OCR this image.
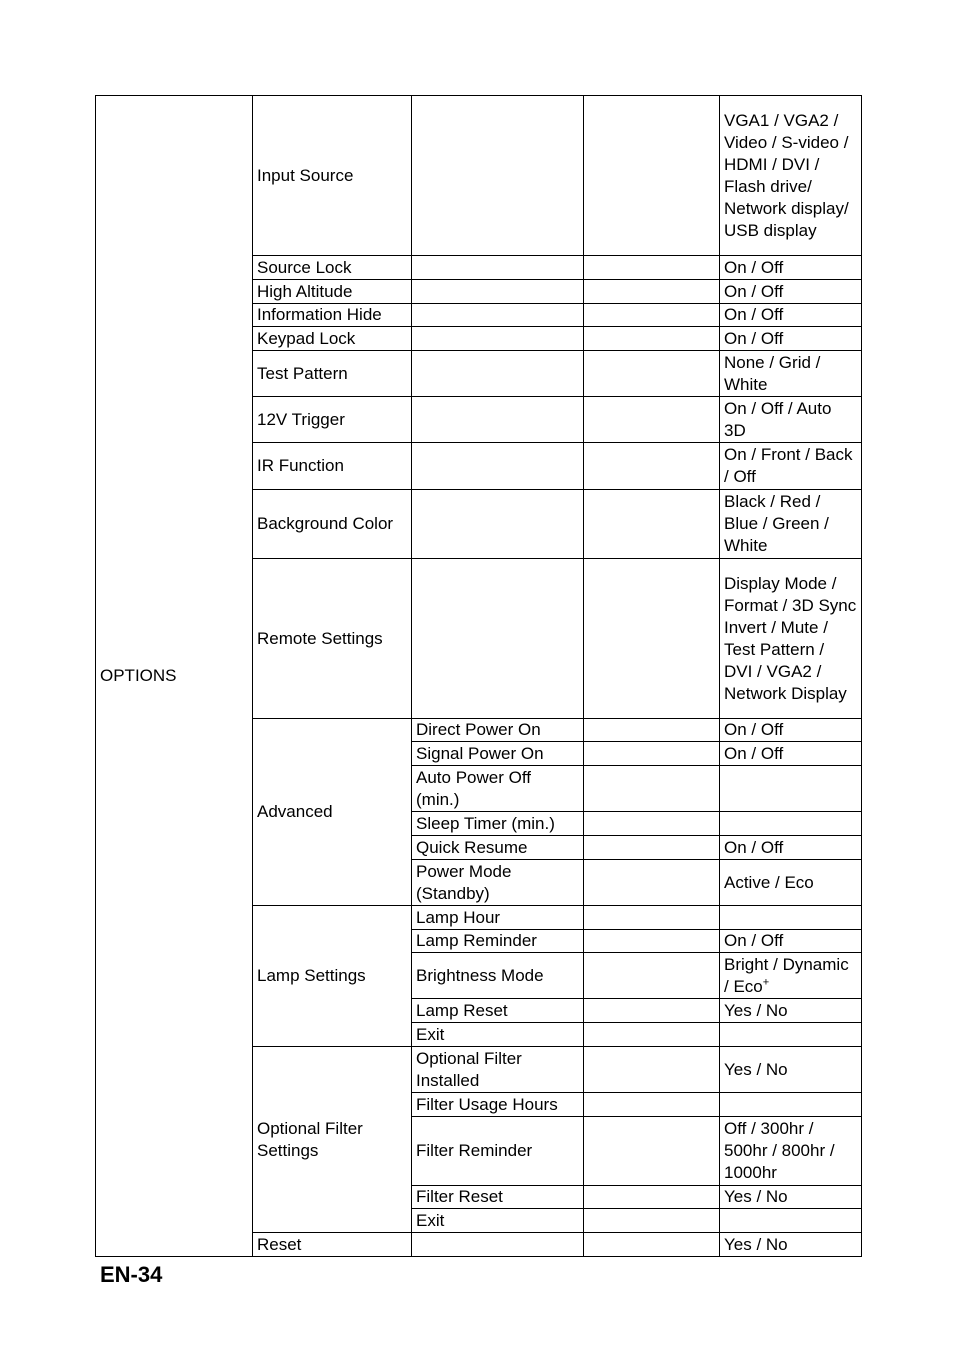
OPTIONS	Input Source			VGA1 / VGA2 / Video / S-video / HDMI / DVI / Flash drive/ Network display/ USB display
	Source Lock			On / Off
	High Altitude			On / Off
	Information Hide			On / Off
	Keypad Lock			On / Off
	Test Pattern			None / Grid / White
	12V Trigger			On / Off / Auto 3D
	IR Function			On / Front / Back / Off
	Background Color			Black / Red / Blue / Green / White
	Remote Settings			Display Mode / Format / 3D Sync Invert / Mute / Test Pattern / DVI / VGA2 / Network Display
	Advanced	Direct Power On		On / Off
		Signal Power On		On / Off
		Auto Power Off (min.)		
		Sleep Timer (min.)		
		Quick Resume		On / Off
		Power Mode (Standby)		Active / Eco
	Lamp Settings	Lamp Hour		
		Lamp Reminder		On / Off
		Brightness Mode		Bright / Dynamic / Eco+
		Lamp Reset		Yes / No
		Exit		
	Optional Filter Settings	Optional Filter Installed		Yes / No
		Filter Usage Hours		
		Filter Reminder		Off / 300hr / 500hr / 800hr / 1000hr
		Filter Reset		Yes / No
		Exit		
	Reset			Yes / No
EN-34
